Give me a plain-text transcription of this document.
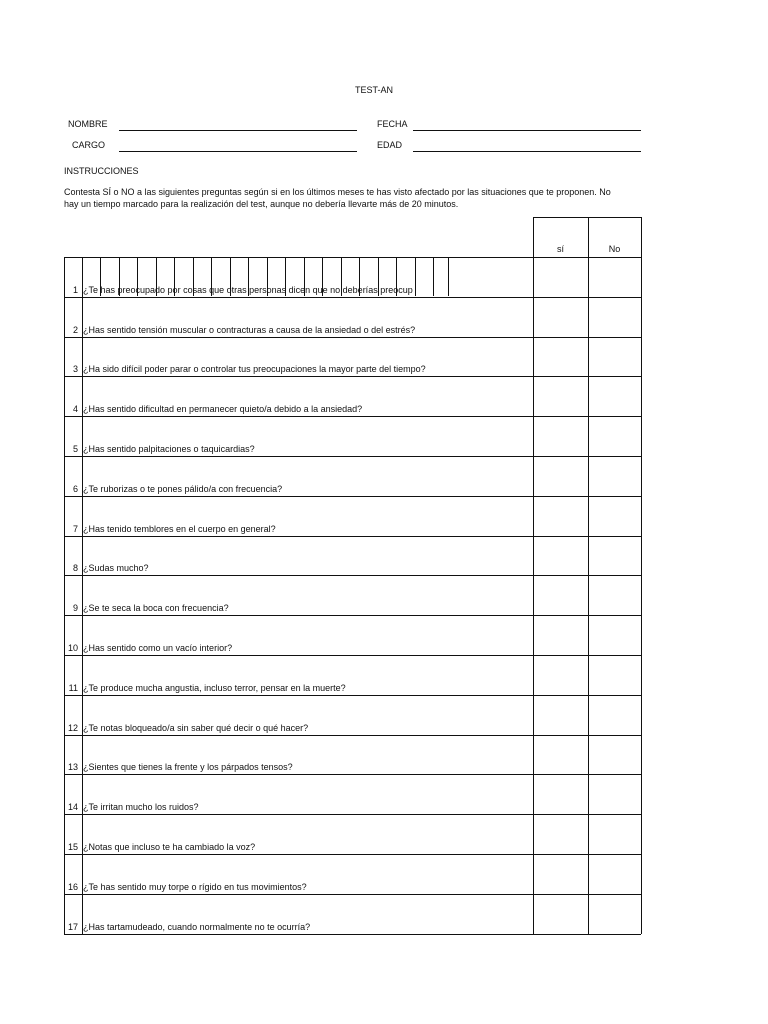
TEST-AN
NOMBRE	FECHA
CARGO	EDAD
INSTRUCCIONES
Contesta SÍ o NO a las siguientes preguntas según si en los últimos meses te has visto afectado por las situaciones que te proponen. No hay un tiempo marcado para la realización del test, aunque no debería llevarte más de 20 minutos.
sí	No
1 ¿Te has preocupado por cosas que otras personas dicen que no deberías preocup
2 ¿Has sentido tensión muscular o contracturas a causa de la ansiedad o del estrés?
3 ¿Ha sido difícil poder parar o controlar tus preocupaciones la mayor parte del tiempo?
4 ¿Has sentido dificultad en permanecer quieto/a debido a la ansiedad?
5 ¿Has sentido palpitaciones o taquicardias?
6 ¿Te ruborizas o te pones pálido/a con frecuencia?
7 ¿Has tenido temblores en el cuerpo en general?
8 ¿Sudas mucho?
9 ¿Se te seca la boca con frecuencia?
10 ¿Has sentido como un vacío interior?
11 ¿Te produce mucha angustia, incluso terror, pensar en la muerte?
12 ¿Te notas bloqueado/a sin saber qué decir o qué hacer?
13 ¿Sientes que tienes la frente y los párpados tensos?
14 ¿Te irritan mucho los ruidos?
15 ¿Notas que incluso te ha cambiado la voz?
16 ¿Te has sentido muy torpe o rígido en tus movimientos?
17 ¿Has tartamudeado, cuando normalmente no te ocurría?
